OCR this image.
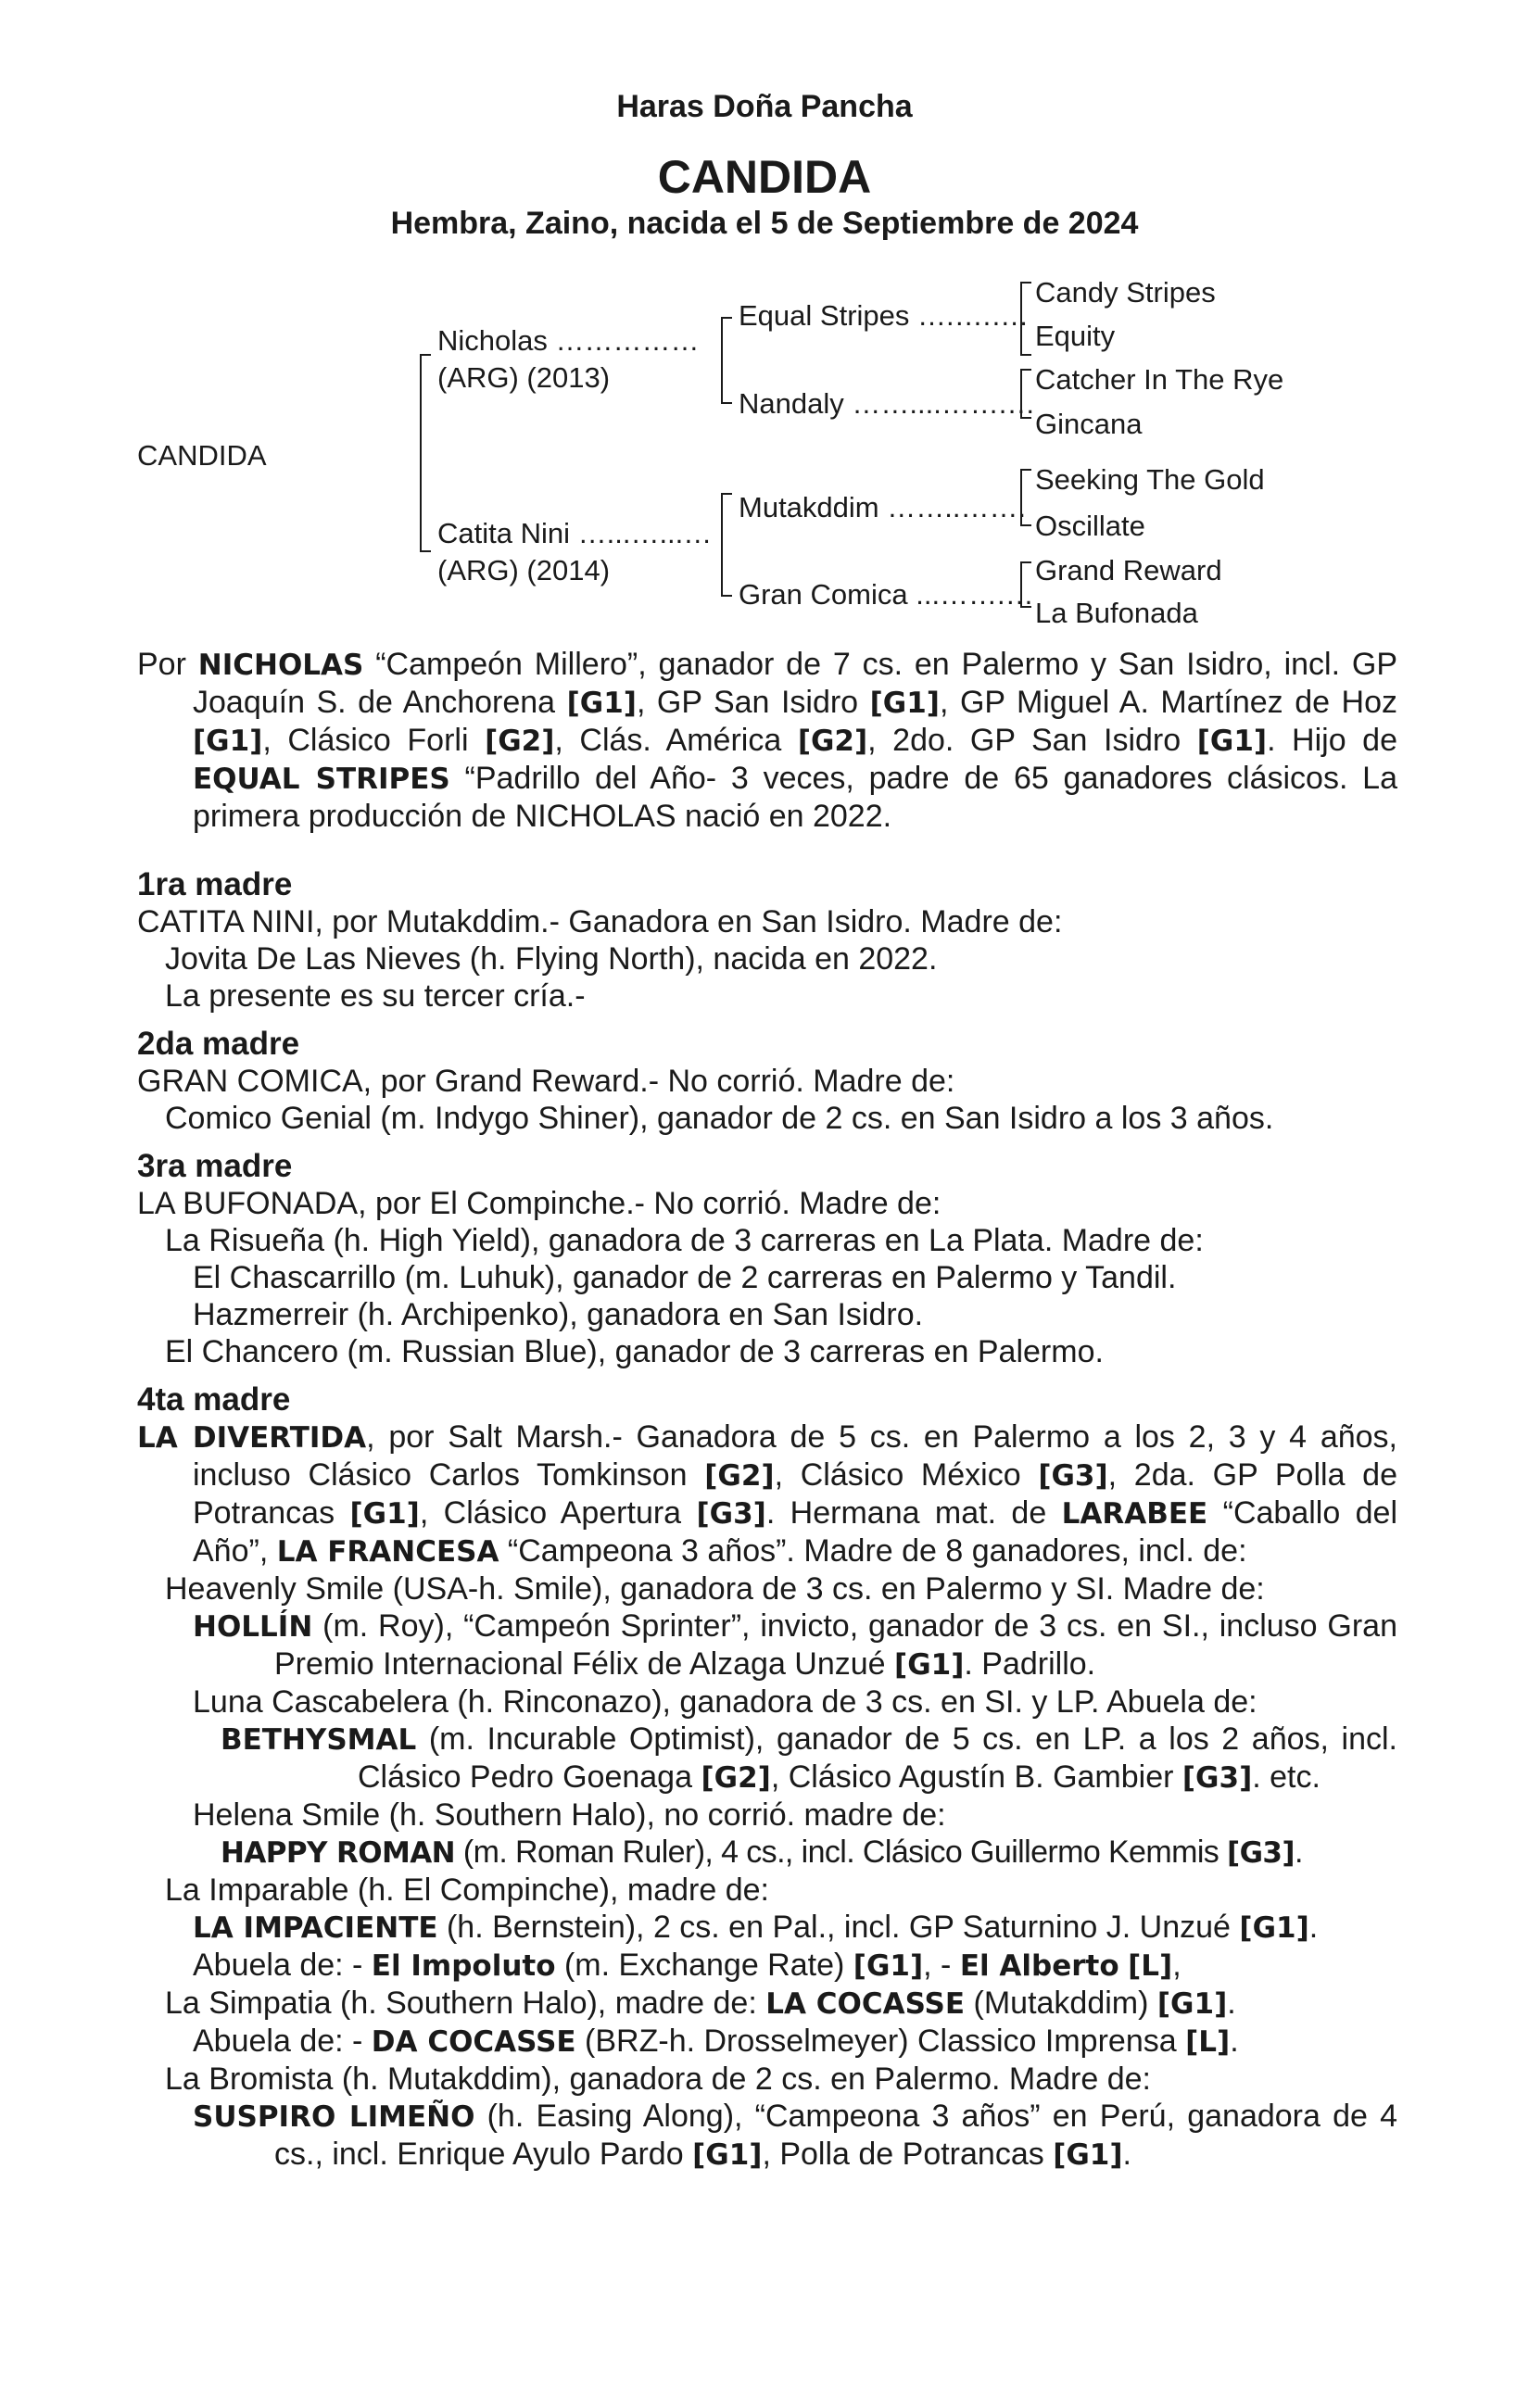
Haras Doña Pancha
CANDIDA
Hembra, Zaino, nacida el 5 de Septiembre de 2024
CANDIDA
Nicholas ……………
(ARG) (2013)
Catita Nini …...…...…
(ARG) (2014)
Equal Stripes ….….….
Nandaly ……....…….…
Mutakddim ……..…….
Gran Comica ...…….…
Candy Stripes
Equity
Catcher In The Rye
Gincana
Seeking The Gold
Oscillate
Grand Reward
La Bufonada

Por NICHOLAS “Campeón Millero”, ganador de 7 cs. en Palermo y San Isidro, incl. GP Joaquín S. de Anchorena [G1], GP San Isidro [G1], GP Miguel A. Martínez de Hoz [G1], Clásico Forli [G2], Clás. América [G2], 2do. GP San Isidro [G1]. Hijo de EQUAL STRIPES “Padrillo del Año- 3 veces, padre de 65 ganadores clásicos. La primera producción de NICHOLAS nació en 2022.

1ra madre

CATITA NINI, por Mutakddim.- Ganadora en San Isidro. Madre de:

Jovita De Las Nieves (h. Flying North), nacida en 2022.

La presente es su tercer cría.-

2da madre

GRAN COMICA, por Grand Reward.- No corrió. Madre de:

Comico Genial (m. Indygo Shiner), ganador de 2 cs. en San Isidro a los 3 años.

3ra madre

LA BUFONADA, por El Compinche.- No corrió. Madre de:

La Risueña (h. High Yield), ganadora de 3 carreras en La Plata. Madre de:

El Chascarrillo (m. Luhuk), ganador de 2 carreras en Palermo y Tandil.

Hazmerreir (h. Archipenko), ganadora en San Isidro.

El Chancero (m. Russian Blue), ganador de 3 carreras en Palermo.

4ta madre

LA DIVERTIDA, por Salt Marsh.- Ganadora de 5 cs. en Palermo a los 2, 3 y 4 años, incluso Clásico Carlos Tomkinson [G2], Clásico México [G3], 2da. GP Polla de Potrancas [G1], Clásico Apertura [G3]. Hermana mat. de LARABEE “Caballo del Año”, LA FRANCESA “Campeona 3 años”. Madre de 8 ganadores, incl. de:

Heavenly Smile (USA-h. Smile), ganadora de 3 cs. en Palermo y SI. Madre de:

HOLLÍN (m. Roy), “Campeón Sprinter”, invicto, ganador de 3 cs. en SI., incluso Gran Premio Internacional Félix de Alzaga Unzué [G1]. Padrillo.

Luna Cascabelera (h. Rinconazo), ganadora de 3 cs. en SI. y LP. Abuela de:

BETHYSMAL (m. Incurable Optimist), ganador de 5 cs. en LP. a los 2 años, incl. Clásico Pedro Goenaga [G2], Clásico Agustín B. Gambier [G3]. etc.

Helena Smile (h. Southern Halo), no corrió. madre de:

HAPPY ROMAN (m. Roman Ruler), 4 cs., incl. Clásico Guillermo Kemmis [G3].

La Imparable (h. El Compinche), madre de:

LA IMPACIENTE (h. Bernstein), 2 cs. en Pal., incl. GP Saturnino J. Unzué [G1].

Abuela de: - El Impoluto (m. Exchange Rate) [G1], - El Alberto [L],

La Simpatia (h. Southern Halo), madre de: LA COCASSE (Mutakddim) [G1].

Abuela de: - DA COCASSE (BRZ-h. Drosselmeyer) Classico Imprensa [L].

La Bromista (h. Mutakddim), ganadora de 2 cs. en Palermo. Madre de:

SUSPIRO LIMEÑO (h. Easing Along), “Campeona 3 años” en Perú, ganadora de 4 cs., incl. Enrique Ayulo Pardo [G1], Polla de Potrancas [G1].
